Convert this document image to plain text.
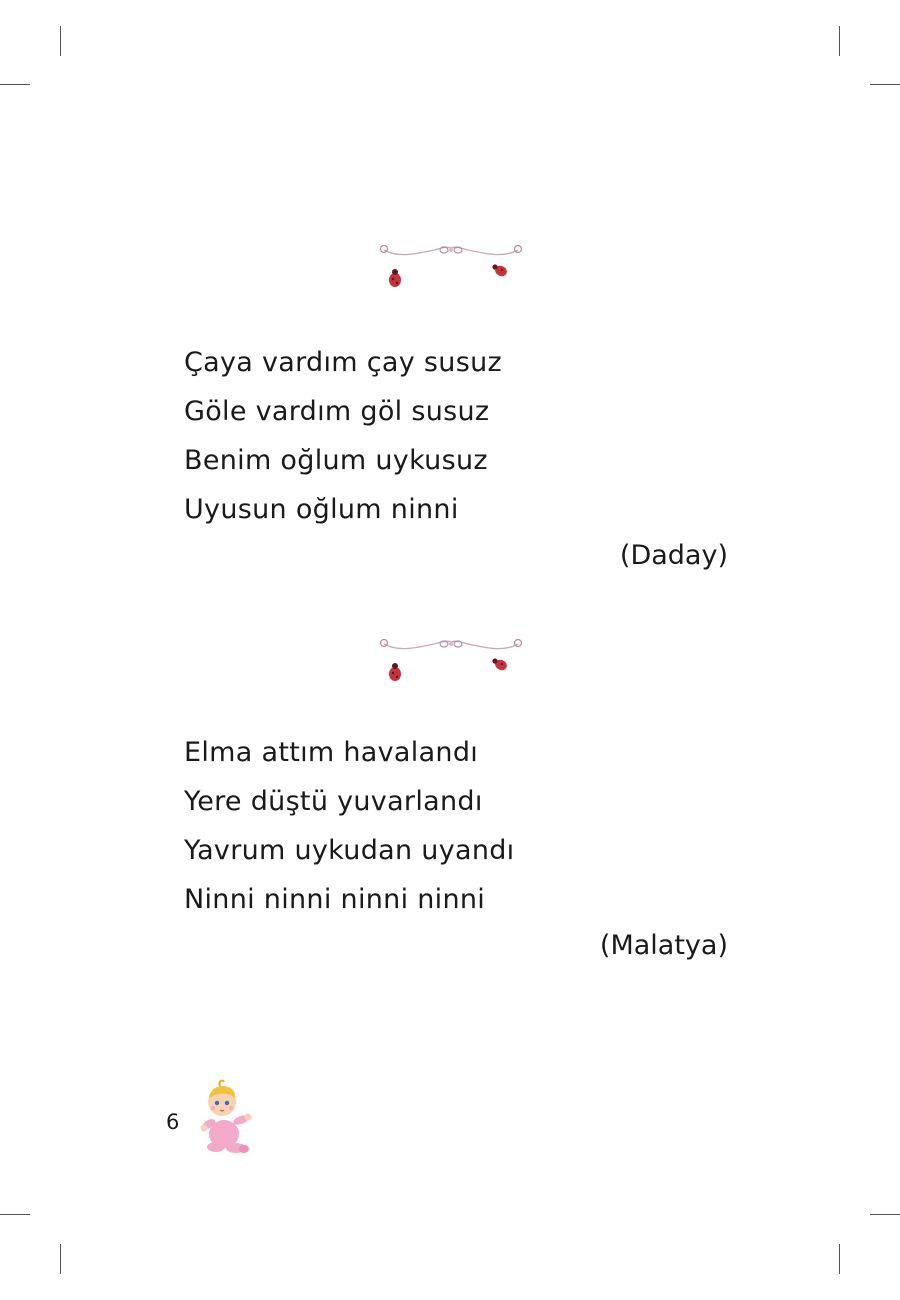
Çaya vardım çay susuz
Göle vardım göl susuz
Benim oğlum uykusuz
Uyusun oğlum ninni
(Daday)
Elma attım havalandı
Yere düştü yuvarlandı
Yavrum uykudan uyandı
Ninni ninni ninni ninni
(Malatya)
6
